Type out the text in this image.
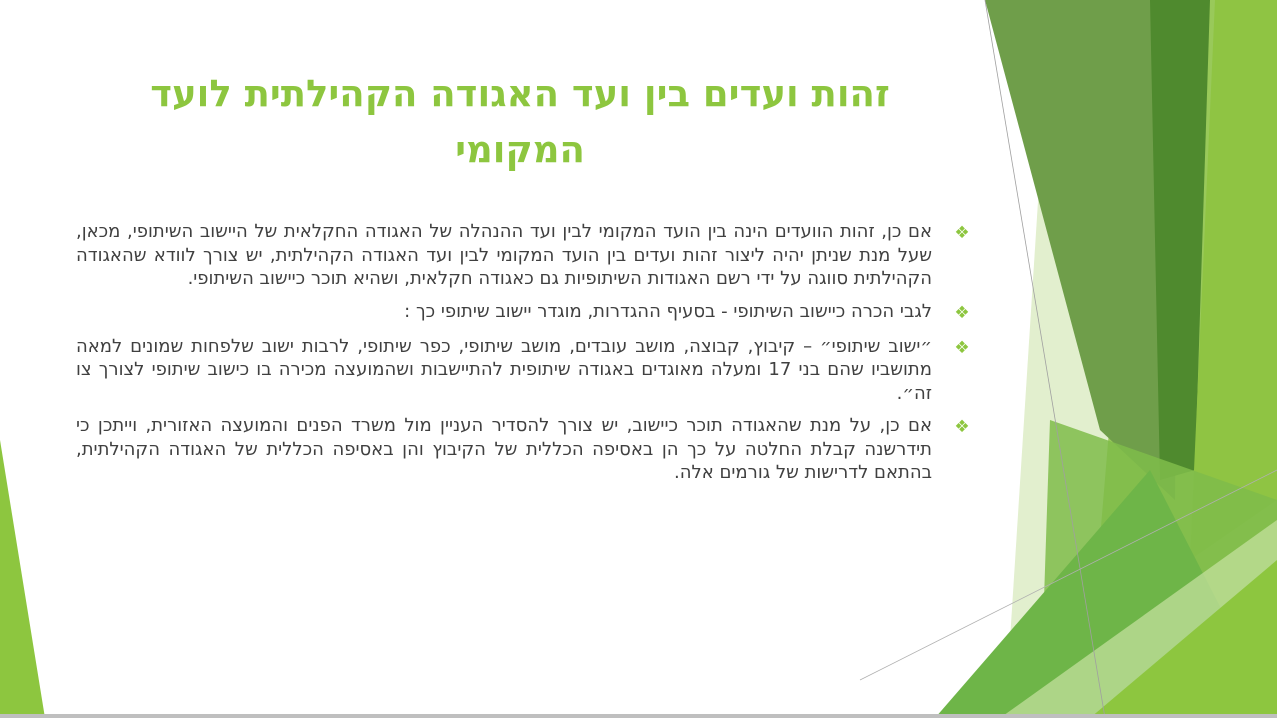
זהות ועדים בין ועד האגודה הקהילתית לועד המקומי
❖
אם כן, זהות הוועדים הינה בין הועד המקומי לבין ועד ההנהלה של האגודה החקלאית של היישוב השיתופי, מכאן, שעל מנת שניתן יהיה ליצור זהות ועדים בין הועד המקומי לבין ועד האגודה הקהילתית, יש צורך לוודא שהאגודה הקהילתית סווגה על ידי רשם האגודות השיתופיות גם כאגודה חקלאית, ושהיא תוכר כיישוב השיתופי.
❖
לגבי הכרה כיישוב השיתופי - בסעיף ההגדרות, מוגדר יישוב שיתופי כך :
❖
״ישוב שיתופי״ – קיבוץ, קבוצה, מושב עובדים, מושב שיתופי, כפר שיתופי, לרבות ישוב שלפחות שמונים למאה מתושביו שהם בני 17 ומעלה מאוגדים באגודה שיתופית להתיישבות ושהמועצה מכירה בו כישוב שיתופי לצורך צו זה״.
❖
אם כן, על מנת שהאגודה תוכר כיישוב, יש צורך להסדיר העניין מול משרד הפנים והמועצה האזורית, וייתכן כי תידרשנה קבלת החלטה על כך הן באסיפה הכללית של הקיבוץ והן באסיפה הכללית של האגודה הקהילתית, בהתאם לדרישות של גורמים אלה.
